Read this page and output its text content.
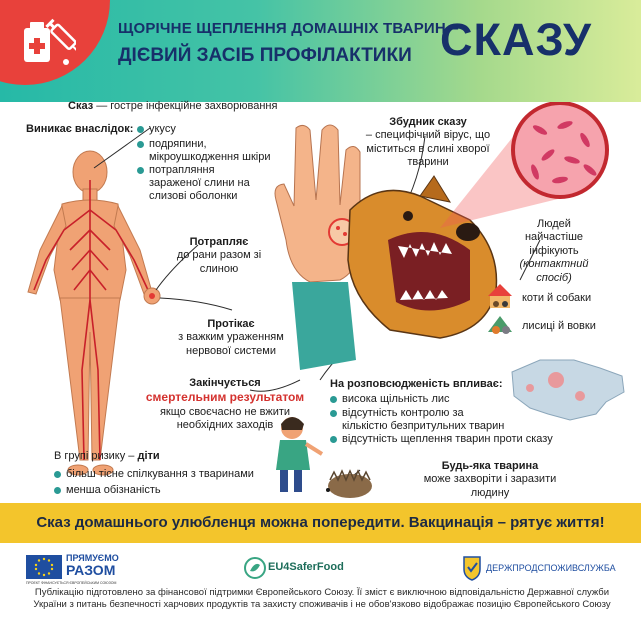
ЩОРІЧНЕ ЩЕПЛЕННЯ ДОМАШНІХ ТВАРИН –
ДІЄВИЙ ЗАСІБ ПРОФІЛАКТИКИ СКАЗУ
Сказ — гостре інфекційне захворювання
Виникає внаслідок:	укусу
подряпини, мікроушкодження шкіри
потрапляння зараженої слини на слизові оболонки
Потрапляє
до рани разом зі слиною
Протікає
з важким ураженням нервової системи
Закінчується
смертельним результатом
якщо своєчасно не вжити необхідних заходів
В групі ризику – діти
більш тісне спілкування з тваринами
менша обізнаність
Збудник сказу
– специфічний вірус, що міститься в слині хворої тварини
Людей найчастіше інфікують
(контактний спосіб)
коти й собаки
лисиці й вовки
На розповсюдженість впливає:
висока щільність лис
відсутність контролю за кількістю безпритульних тварин
відсутність щеплення тварин проти сказу
Будь-яка тварина
може захворіти і заразити людину
Сказ домашнього улюбленця можна попередити. Вакцинація – рятує життя!
ПРЯМУЄМО
РАЗОМ
ПРОЕКТ ФІНАНСУЄТЬСЯ ЄВРОПЕЙСЬКИМ СОЮЗОМ
EU4SaferFood	ДЕРЖПРОДСПОЖИВСЛУЖБА
Публікацію підготовлено за фінансової підтримки Європейського Союзу. Її зміст є виключною відповідальністю Державної служби України з питань безпечності харчових продуктів та захисту споживачів і не обов'язково відображає позицію Європейського Союзу
